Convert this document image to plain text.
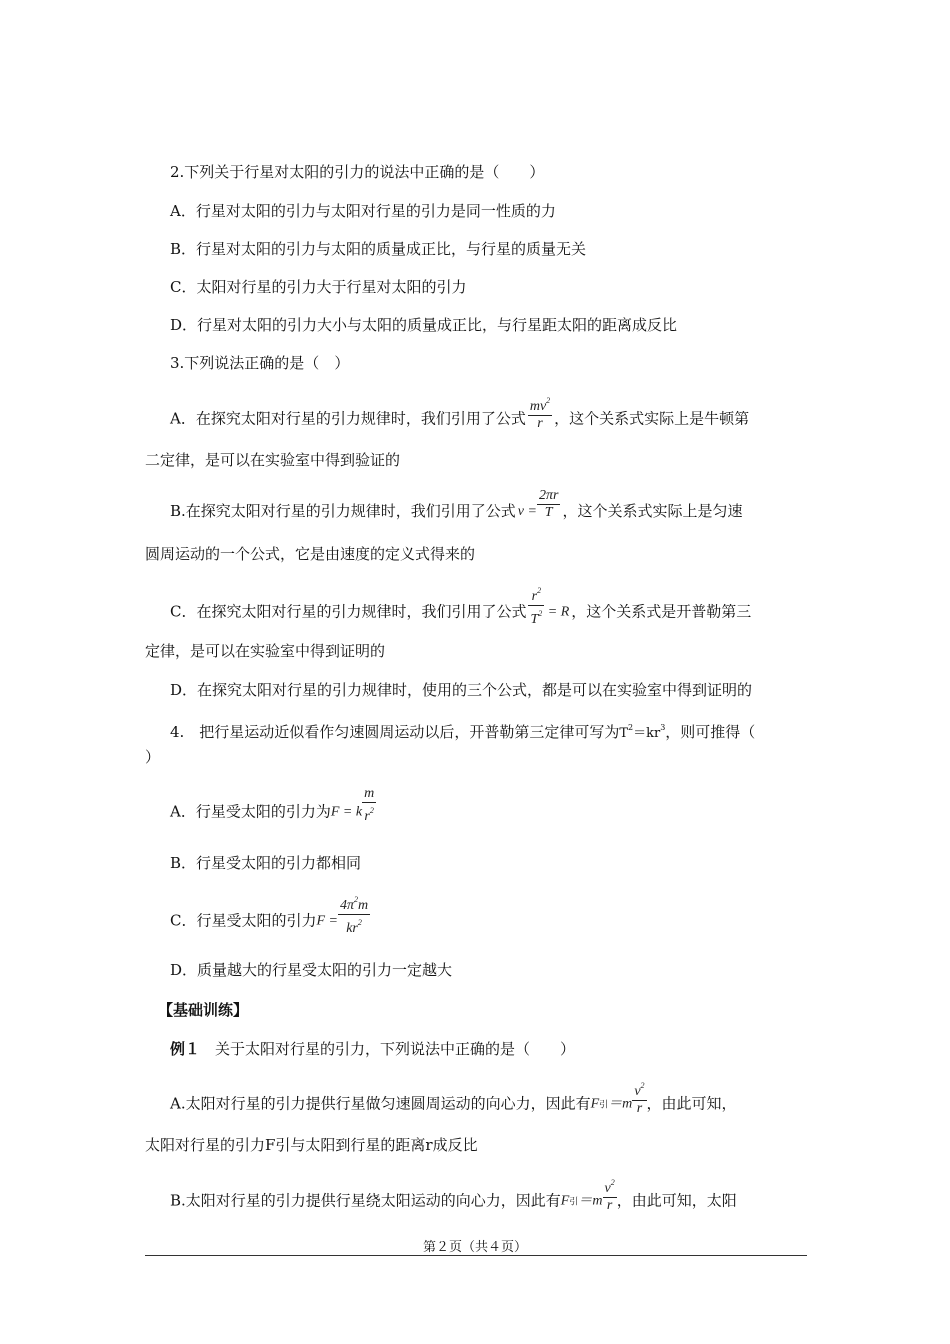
2.下列关于行星对太阳的引力的说法中正确的是（　　）
A．行星对太阳的引力与太阳对行星的引力是同一性质的力
B．行星对太阳的引力与太阳的质量成正比，与行星的质量无关
C．太阳对行星的引力大于行星对太阳的引力
D．行星对太阳的引力大小与太阳的质量成正比，与行星距太阳的距离成反比
3.下列说法正确的是（　）
A．在探究太阳对行星的引力规律时，我们引用了公式 $\frac{mv^2}{r}$ ，这个关系式实际上是牛顿第
二定律，是可以在实验室中得到验证的
B.在探究太阳对行星的引力规律时，我们引用了公式 $v = \frac{2\pi r}{T}$ ，这个关系式实际上是匀速
圆周运动的一个公式，它是由速度的定义式得来的
C．在探究太阳对行星的引力规律时，我们引用了公式 $\frac{r^2}{T^2} = R$ ，这个关系式是开普勒第三
定律，是可以在实验室中得到证明的
D．在探究太阳对行星的引力规律时，使用的三个公式，都是可以在实验室中得到证明的
4.　把行星运动近似看作匀速圆周运动以后，开普勒第三定律可写为$T^2=kr^3$，则可推得（
）
A．行星受太阳的引力为F = k $\frac{m}{r^2}$
B．行星受太阳的引力都相同
C．行星受太阳的引力$F = \frac{4\pi^2m}{kr^2}$
D．质量越大的行星受太阳的引力一定越大
【基础训练】
例１　关于太阳对行星的引力，下列说法中正确的是（　　）
A.太阳对行星的引力提供行星做匀速圆周运动的向心力，因此有F引$=m \frac{v^2}{r}$ ，由此可知，
太阳对行星的引力F引与太阳到行星的距离r成反比
B.太阳对行星的引力提供行星绕太阳运动的向心力，因此有F引$=m \frac{v^2}{r}$ ，由此可知，太阳
第２页（共４页）
